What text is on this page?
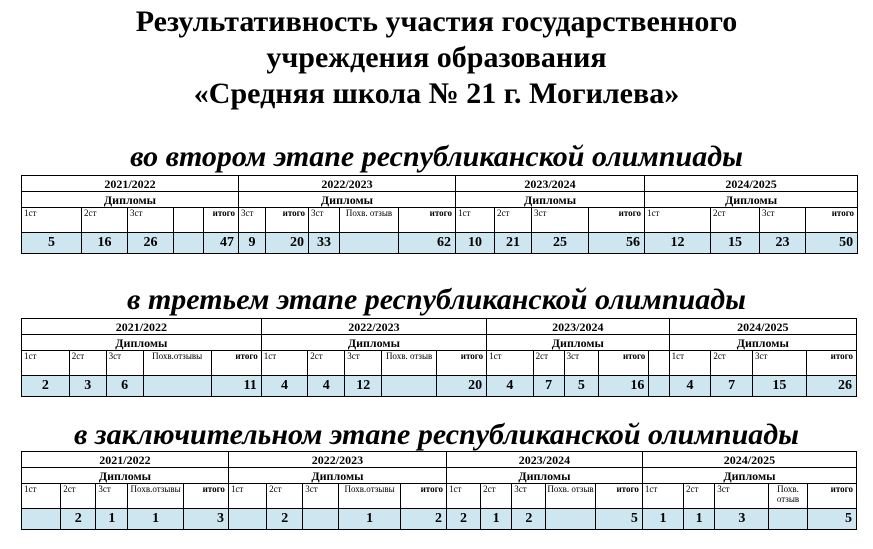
Результативность участия государственного
учреждения образования
«Средняя школа № 21 г. Могилева»
во втором этапе республиканской олимпиады
в третьем этапе республиканской олимпиады
в заключительном этапе республиканской олимпиады
2021/2022					2022/2023					2023/2024				2024/2025			
Дипломы					Дипломы					Дипломы				Дипломы			
1ст	2ст	3ст		итого	3ст	итого	3ст	Похв. отзыв	итого	1ст	2ст	3ст	итого	1ст	2ст	3ст	итого
5	16	26		47	9	20	33		62	10	21	25	56	12	15	23	50
2021/2022					2022/2023					2023/2024					2024/2025			
Дипломы					Дипломы					Дипломы					Дипломы			
1ст	2ст	3ст	Похв.отзывы	итого	1ст	2ст	3ст	Похв. отзыв	итого	1ст	2ст	3ст	итого		1ст	2ст	3ст	итого
2	3	6		11	4	4	12		20	4	7	5	16		4	7	15	26
2021/2022					2022/2023					2023/2024					2024/2025				
Дипломы					Дипломы					Дипломы					Дипломы				
1ст	2ст	3ст	Похв.отзывы	итого	1ст	2ст	3ст	Похв.отзывы	итого	1ст	2ст	3ст	Похв. отзыв	итого	1ст	2ст	3ст	Похв. отзыв	итого
	2	1	1	3		2		1	2	2	1	2		5	1	1	3		5
